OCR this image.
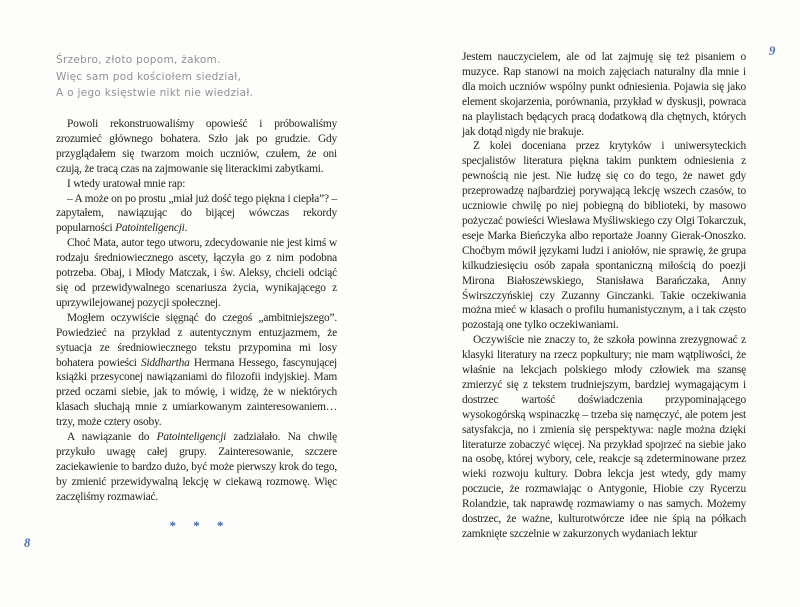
Śrzebro, złoto popom, żakom.
Więc sam pod kościołem siedział,
A o jego księstwie nikt nie wiedział.

Powoli rekonstruowaliśmy opowieść i próbowaliśmy zrozumieć głównego bohatera. Szło jak po grudzie. Gdy przyglądałem się twarzom moich uczniów, czułem, że oni czują, że tracą czas na zajmowanie się literackimi zabytkami.

I wtedy uratował mnie rap:

– A może on po prostu „miał już dość tego piękna i ciepła”? – zapytałem, nawiązując do bijącej wówczas rekordy popularności Patointeligencji.

Choć Mata, autor tego utworu, zdecydowanie nie jest kimś w rodzaju średniowiecznego ascety, łączyła go z nim podobna potrzeba. Obaj, i Młody Matczak, i św. Aleksy, chcieli odciąć się od przewidywalnego scenariusza życia, wynikającego z uprzywilejowanej pozycji społecznej.

Mogłem oczywiście sięgnąć do czegoś „ambitniejszego”. Powiedzieć na przykład z autentycznym entuzjazmem, że sytuacja ze średniowiecznego tekstu przypomina mi losy bohatera powieści Siddhartha Hermana Hessego, fascynującej książki przesyconej nawiązaniami do filozofii indyjskiej. Mam przed oczami siebie, jak to mówię, i widzę, że w niektórych klasach słuchają mnie z umiarkowanym zainteresowaniem… trzy, może cztery osoby.

A nawiązanie do Patointeligencji zadziałało. Na chwilę przykuło uwagę całej grupy. Zainteresowanie, szczere zaciekawienie to bardzo dużo, być może pierwszy krok do tego, by zmienić przewidywalną lekcję w ciekawą rozmowę. Więc zaczęliśmy rozmawiać.

* * *
8

Jestem nauczycielem, ale od lat zajmuję się też pisaniem o muzyce. Rap stanowi na moich zajęciach naturalny dla mnie i dla moich uczniów wspólny punkt odniesienia. Pojawia się jako element skojarzenia, porównania, przykład w dyskusji, powraca na playlistach będących pracą dodatkową dla chętnych, których jak dotąd nigdy nie brakuje.

Z kolei doceniana przez krytyków i uniwersyteckich specjalistów literatura piękna takim punktem odniesienia z pewnością nie jest. Nie łudzę się co do tego, że nawet gdy przeprowadzę najbardziej porywającą lekcję wszech czasów, to uczniowie chwilę po niej pobiegną do biblioteki, by masowo pożyczać powieści Wiesława Myśliwskiego czy Olgi Tokarczuk, eseje Marka Bieńczyka albo reportaże Joanny Gierak-Onoszko. Choćbym mówił językami ludzi i aniołów, nie sprawię, że grupa kilkudziesięciu osób zapała spontaniczną miłością do poezji Mirona Białoszewskiego, Stanisława Barańczaka, Anny Świrszczyńskiej czy Zuzanny Ginczanki. Takie oczekiwania można mieć w klasach o profilu humanistycznym, a i tak często pozostają one tylko oczekiwaniami.

Oczywiście nie znaczy to, że szkoła powinna zrezygnować z klasyki literatury na rzecz popkultury; nie mam wątpliwości, że właśnie na lekcjach polskiego młody człowiek ma szansę zmierzyć się z tekstem trudniejszym, bardziej wymagającym i dostrzec wartość doświadczenia przypominającego wysokogórską wspinaczkę – trzeba się namęczyć, ale potem jest satysfakcja, no i zmienia się perspektywa: nagle można dzięki literaturze zobaczyć więcej. Na przykład spojrzeć na siebie jako na osobę, której wybory, cele, reakcje są zdeterminowane przez wieki rozwoju kultury. Dobra lekcja jest wtedy, gdy mamy poczucie, że rozmawiając o Antygonie, Hiobie czy Rycerzu Rolandzie, tak naprawdę rozmawiamy o nas samych. Możemy dostrzec, że ważne, kulturotwórcze idee nie śpią na półkach zamknięte szczelnie w zakurzonych wydaniach lektur

9
